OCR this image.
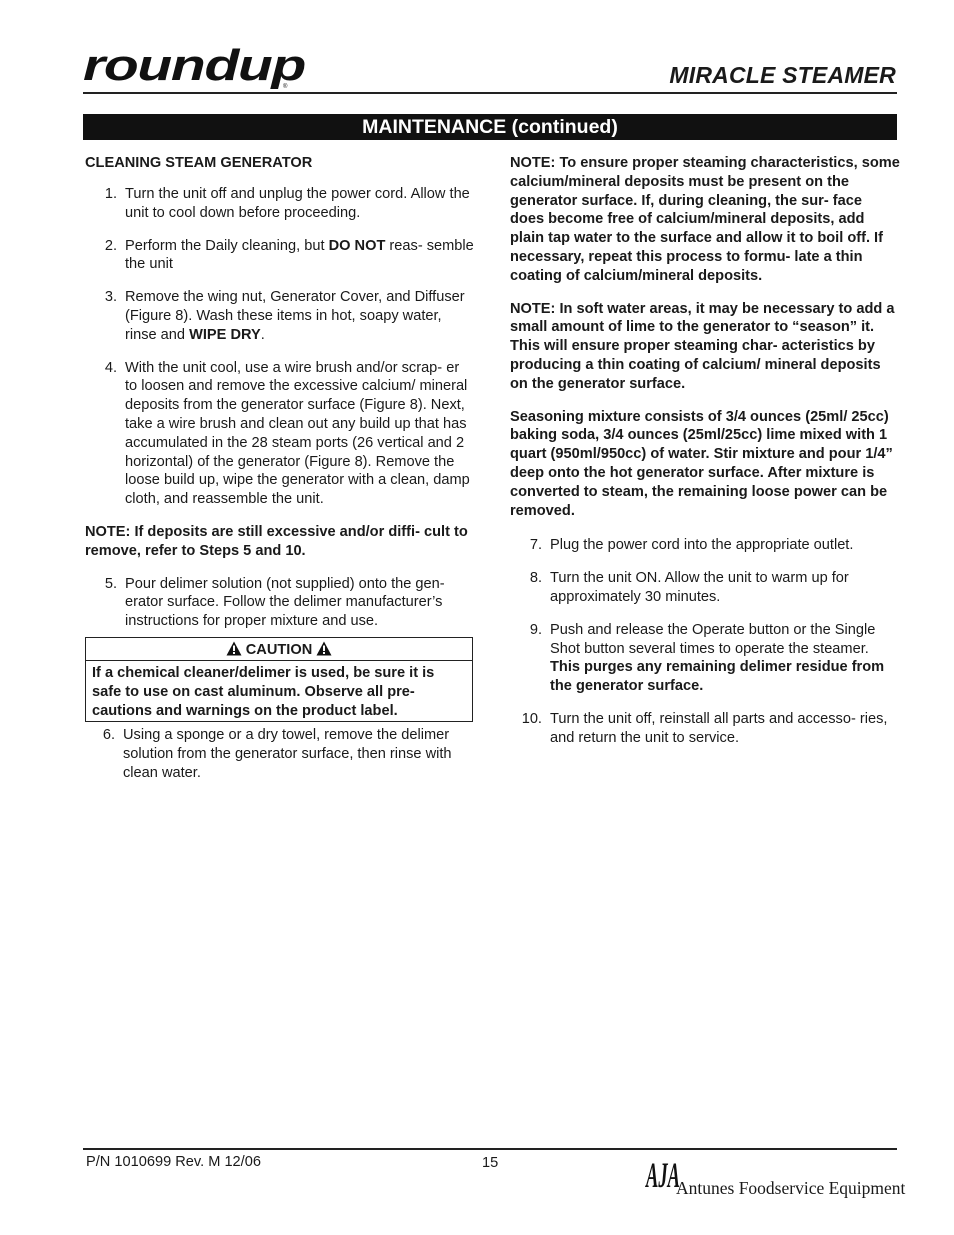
roundup
®	MIRACLE STEAMER
MAINTENANCE (continued)
CLEANING STEAM GENERATOR
1. Turn the unit off and unplug the power cord. Allow the unit to cool down before proceeding.
2. Perform the Daily cleaning, but DO NOT reas- semble the unit
3. Remove the wing nut, Generator Cover, and Diffuser (Figure 8). Wash these items in hot, soapy water, rinse and WIPE DRY.
4. With the unit cool, use a wire brush and/or scrap- er to loosen and remove the excessive calcium/ mineral deposits from the generator surface (Figure 8). Next, take a wire brush and clean out any build up that has accumulated in the 28 steam ports (26 vertical and 2 horizontal) of the generator (Figure 8). Remove the loose build up, wipe the generator with a clean, damp cloth, and reassemble the unit.
NOTE: If deposits are still excessive and/or diffi- cult to remove, refer to Steps 5 and 10.
5. Pour delimer solution (not supplied) onto the gen- erator surface. Follow the delimer manufacturer’s instructions for proper mixture and use.
CAUTION
If a chemical cleaner/delimer is used, be sure it is safe to use on cast aluminum. Observe all pre- cautions and warnings on the product label.
6. Using a sponge or a dry towel, remove the delimer solution from the generator surface, then rinse with clean water.
NOTE: To ensure proper steaming characteristics, some calcium/mineral deposits must be present on the generator surface. If, during cleaning, the sur- face does become free of calcium/mineral deposits, add plain tap water to the surface and allow it to boil off. If necessary, repeat this process to formu- late a thin coating of calcium/mineral deposits.
NOTE: In soft water areas, it may be necessary to add a small amount of lime to the generator to “season” it. This will ensure proper steaming char- acteristics by producing a thin coating of calcium/ mineral deposits on the generator surface.
Seasoning mixture consists of 3/4 ounces (25ml/ 25cc) baking soda, 3/4 ounces (25ml/25cc) lime mixed with 1 quart (950ml/950cc) of water. Stir mixture and pour 1/4” deep onto the hot generator surface. After mixture is converted to steam, the remaining loose power can be removed.
7. Plug the power cord into the appropriate outlet.
8. Turn the unit ON. Allow the unit to warm up for approximately 30 minutes.
9. Push and release the Operate button or the Single Shot button several times to operate the steamer. This purges any remaining delimer residue from the generator surface.
10. Turn the unit off, reinstall all parts and accesso- ries, and return the unit to service.
P/N 1010699 Rev. M 12/06	15	AJA
Antunes Foodservice Equipment
